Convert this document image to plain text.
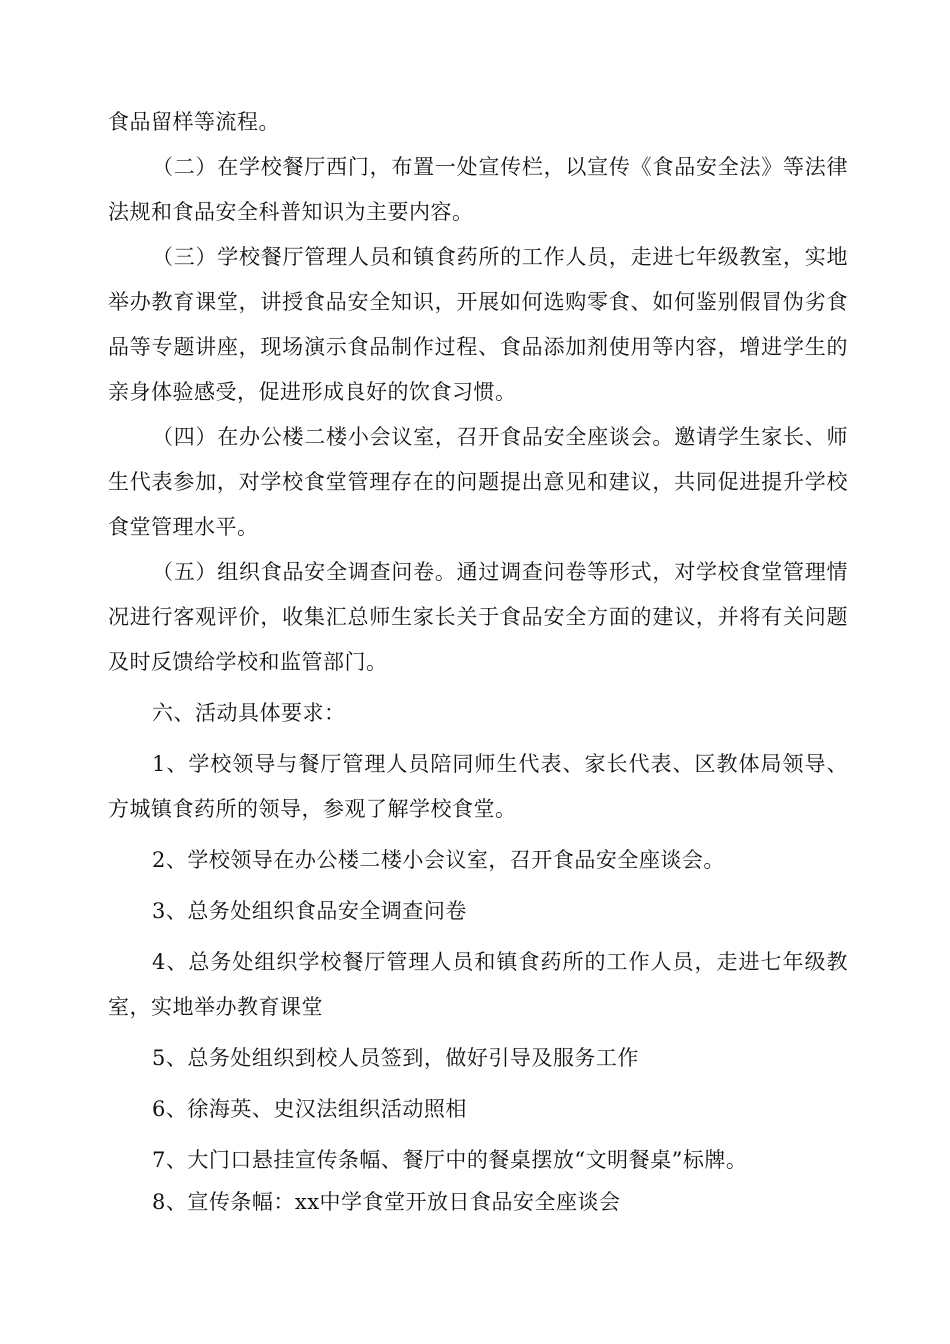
食品留样等流程。

（二）在学校餐厅西门，布置一处宣传栏，以宣传《食品安全法》等法律法规和食品安全科普知识为主要内容。

（三）学校餐厅管理人员和镇食药所的工作人员，走进七年级教室，实地举办教育课堂，讲授食品安全知识，开展如何选购零食、如何鉴别假冒伪劣食品等专题讲座，现场演示食品制作过程、食品添加剂使用等内容，增进学生的亲身体验感受，促进形成良好的饮食习惯。

（四）在办公楼二楼小会议室，召开食品安全座谈会。邀请学生家长、师生代表参加，对学校食堂管理存在的问题提出意见和建议，共同促进提升学校食堂管理水平。

（五）组织食品安全调查问卷。通过调查问卷等形式，对学校食堂管理情况进行客观评价，收集汇总师生家长关于食品安全方面的建议，并将有关问题及时反馈给学校和监管部门。

六、活动具体要求：

1、学校领导与餐厅管理人员陪同师生代表、家长代表、区教体局领导、方城镇食药所的领导，参观了解学校食堂。

2、学校领导在办公楼二楼小会议室，召开食品安全座谈会。

3、总务处组织食品安全调查问卷

4、总务处组织学校餐厅管理人员和镇食药所的工作人员，走进七年级教室，实地举办教育课堂

5、总务处组织到校人员签到，做好引导及服务工作

6、徐海英、史汉法组织活动照相

7、大门口悬挂宣传条幅、餐厅中的餐桌摆放“文明餐桌”标牌。

8、宣传条幅：xx中学食堂开放日食品安全座谈会
